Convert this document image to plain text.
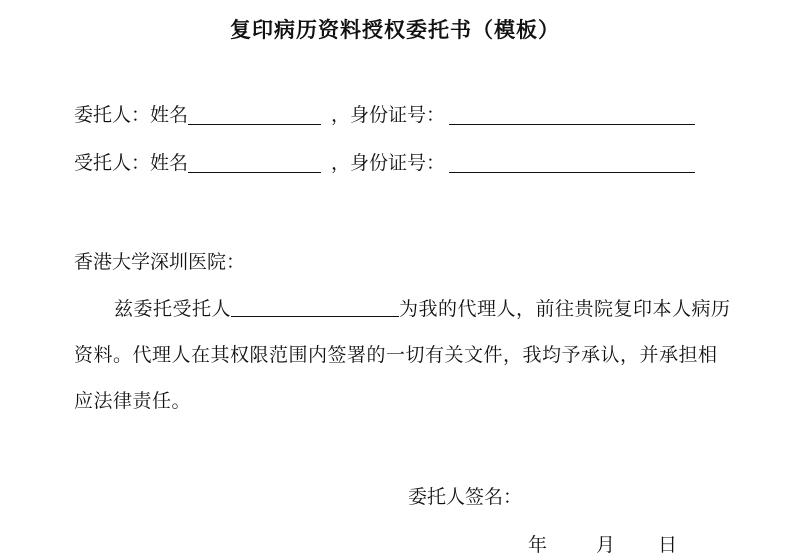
复印病历资料授权委托书（模板）
委托人： 姓名	，身份证号：
受托人： 姓名	，身份证号：
香港大学深圳医院：
兹委托受托人	为我的代理人，前往贵院复印本人病历资料。代理人在其权限范围内签署的一切有关文件，我均予承认，并承担相应法律责任。
委托人签名：
年	月	日
